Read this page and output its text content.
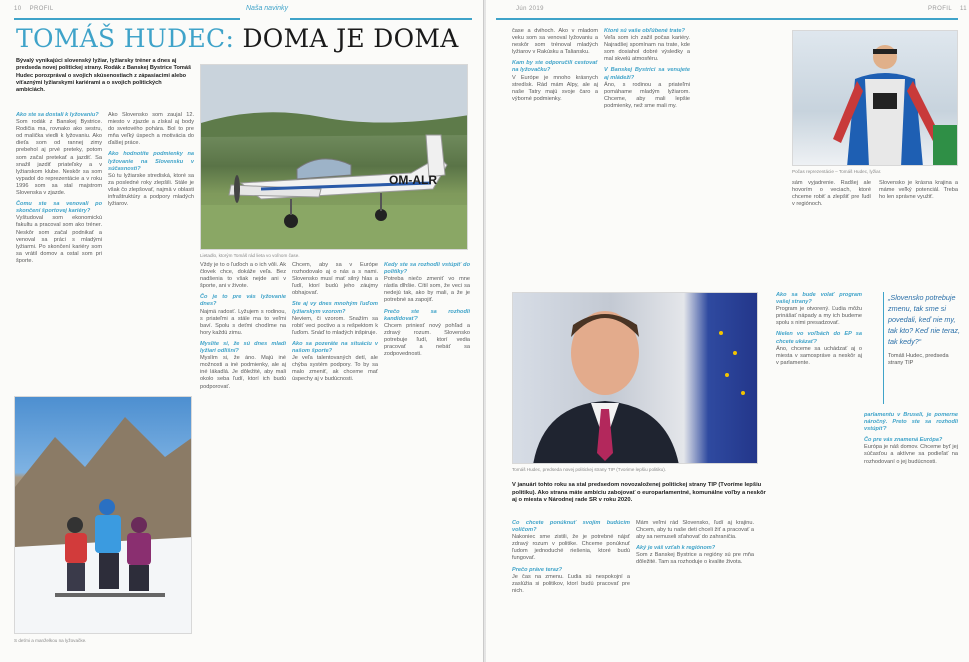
10 PROFIL	Naša navinky
TOMÁŠ HUDEC: DOMA JE DOMA
Bývalý vynikajúci slovenský lyžiar, lyžiarsky tréner a dnes aj predseda novej politickej strany. Rodák z Banskej Bystrice Tomáš Hudec porozprával o svojich skúsenostiach z zápasiacimi alebo víťaznými lyžiarskymi kariérami a o svojich politických ambíciách.
OM-ALR
Lietadlo, ktorým Tomáš rád lieta vo voľnom čase.

Ako ste sa dostali k lyžovaniu?

Som rodák z Banskej Bystrice. Rodičia ma, rovnako ako sestru, od malička viedli k lyžovaniu. Ako dieťa som od rannej zimy prebehol aj prvé preteky, potom som začal pretekať a jazdiť. Sa snažil jazdiť priateľsky a v lyžiarskom klube. Neskôr sa som vypadol do reprezentácie a v roku 1996 som sa stal majstrom Slovenska v zjazde.

Čomu ste sa venovali po skončení športovej kariéry?

Vyštudoval som ekonomickú fakultu a pracoval som ako tréner. Neskôr som začal podnikať a venoval sa práci s mladými lyžiarmi. Po skončení kariéry som sa vrátil domov a ostal som pri športe.

Ako Slovensko som zaujal 12. miesto v zjazde a získal aj body do svetového pohára. Bol to pre mňa veľký úspech a motivácia do ďalšej práce.

Ako hodnotíte podmienky na lyžovanie na Slovensku v súčasnosti?

Sú tu lyžiarske strediská, ktoré sa za posledné roky zlepšili. Stále je však čo zlepšovať, najmä v oblasti infraštruktúry a podpory mladých lyžiarov.

Vždy je to o ľuďoch a o ich vôli. Ak človek chce, dokáže veľa. Bez nadšenia to však nejde ani v športe, ani v živote.

Čo je to pre vás lyžovanie dnes?

Najmä radosť. Lyžujem s rodinou, s priateľmi a stále ma to veľmi baví. Spolu s deťmi chodíme na hory každú zimu.

Myslíte si, že sú dnes mladí lyžiari odlišní?

Myslím si, že áno. Majú iné možnosti a iné podmienky, ale aj iné lákadlá. Je dôležité, aby mali okolo seba ľudí, ktorí ich budú podporovať.

Chcem, aby sa v Európe rozhodovalo aj o nás a s nami. Slovensko musí mať silný hlas a ľudí, ktorí budú jeho záujmy obhajovať.

Ste aj vy dnes mnohým ľuďom lyžiarskym vzorom?

Neviem, či vzorom. Snažím sa robiť veci poctivo a s rešpektom k ľuďom. Snáď to mladých inšpiruje.

Ako sa pozeráte na situáciu v našom športe?

Je veľa talentovaných detí, ale chýba systém podpory. To by sa malo zmeniť, ak chceme mať úspechy aj v budúcnosti.

Kedy ste sa rozhodli vstúpiť do politiky?

Potreba niečo zmeniť vo mne rástla dlhšie. Cítil som, že veci sa nedejú tak, ako by mali, a že je potrebné sa zapojiť.

Prečo ste sa rozhodli kandidovať?

Chcem priniesť nový pohľad a zdravý rozum. Slovensko potrebuje ľudí, ktorí vedia pracovať a nebáť sa zodpovednosti.

S deťmi a manželkou na lyžovačke.
Jún 2019	PROFIL 11

čase a dvihoch. Ako v mladom veku som sa venoval lyžovaniu a neskôr som trénoval mladých lyžiarov v Rakúsku a Taliansku.

Kam by ste odporučili cestovať na lyžovačku?

V Európe je mnoho krásnych stredísk. Rád mám Alpy, ale aj naše Tatry majú svoje čaro a výborné podmienky.

Ktoré sú vaše obľúbené trate?

Veľa som ich zažil počas kariéry. Najradšej spomínam na trate, kde som dosiahol dobré výsledky a mal skvelú atmosféru.

V Banskej Bystrici sa venujete aj mládeži?

Áno, s rodinou a priateľmi pomáhame mladým lyžiarom. Chceme, aby mali lepšie podmienky, než sme mali my.

Počas reprezentácie – Tomáš Hudec, lyžiar.

sám vyjadrenie. Radšej ale hovorím o veciach, ktoré chceme robiť a zlepšiť pre ľudí v regiónoch.

Slovensko je krásna krajina a máme veľký potenciál. Treba ho len správne využiť.

Tomáš Hudec, predseda novej politickej strany TIP (Tvorime lepšiu politiku).

Ako sa bude volať program vašej strany?

Program je otvorený. Ľudia môžu prinášať nápady a my ich budeme spolu s nimi presadzovať.

Nielen vo voľbách do EP sa chcete ukázať?

Áno, chceme sa uchádzať aj o miesta v samospráve a neskôr aj v parlamente.

Čo chcete ponúknuť svojim budúcim voličom?

Nakoniec sme zistili, že je potrebné nájsť zdravý rozum v politike. Chceme ponúknuť ľudom jednoduché riešenia, ktoré budú fungovať.

Prečo práve teraz?

Je čas na zmenu. Ľudia sú nespokojní a zaslúžia si politikov, ktorí budú pracovať pre nich.

Mám veľmi rád Slovensko, ľudí aj krajinu. Chcem, aby tu naše deti chceli žiť a pracovať a aby sa nemuseli sťahovať do zahraničia.

Aký je váš vzťah k regiónom?

Som z Banskej Bystrice a regióny sú pre mňa dôležité. Tam sa rozhoduje o kvalite života.

parlamentu v Bruseli, je pomerne náročný. Preto ste sa rozhodli vstúpiť?

Čo pre vás znamená Európa?

Európa je náš domov. Chceme byť jej súčasťou a aktívne sa podieľať na rozhodovaní o jej budúcnosti.

V januári tohto roku sa stal predsedom novozaloženej politickej strany TIP (Tvoríme lepšiu politiku). Ako strana máte ambíciu zabojovať o europarlamentné, komunálne voľby a neskôr aj o miesta v Národnej rade SR v roku 2020.
„Slovensko potrebuje zmenu, tak sme si povedali, keď nie my, tak kto? Keď nie teraz, tak kedy?“
Tomáš Hudec, predseda strany TIP
